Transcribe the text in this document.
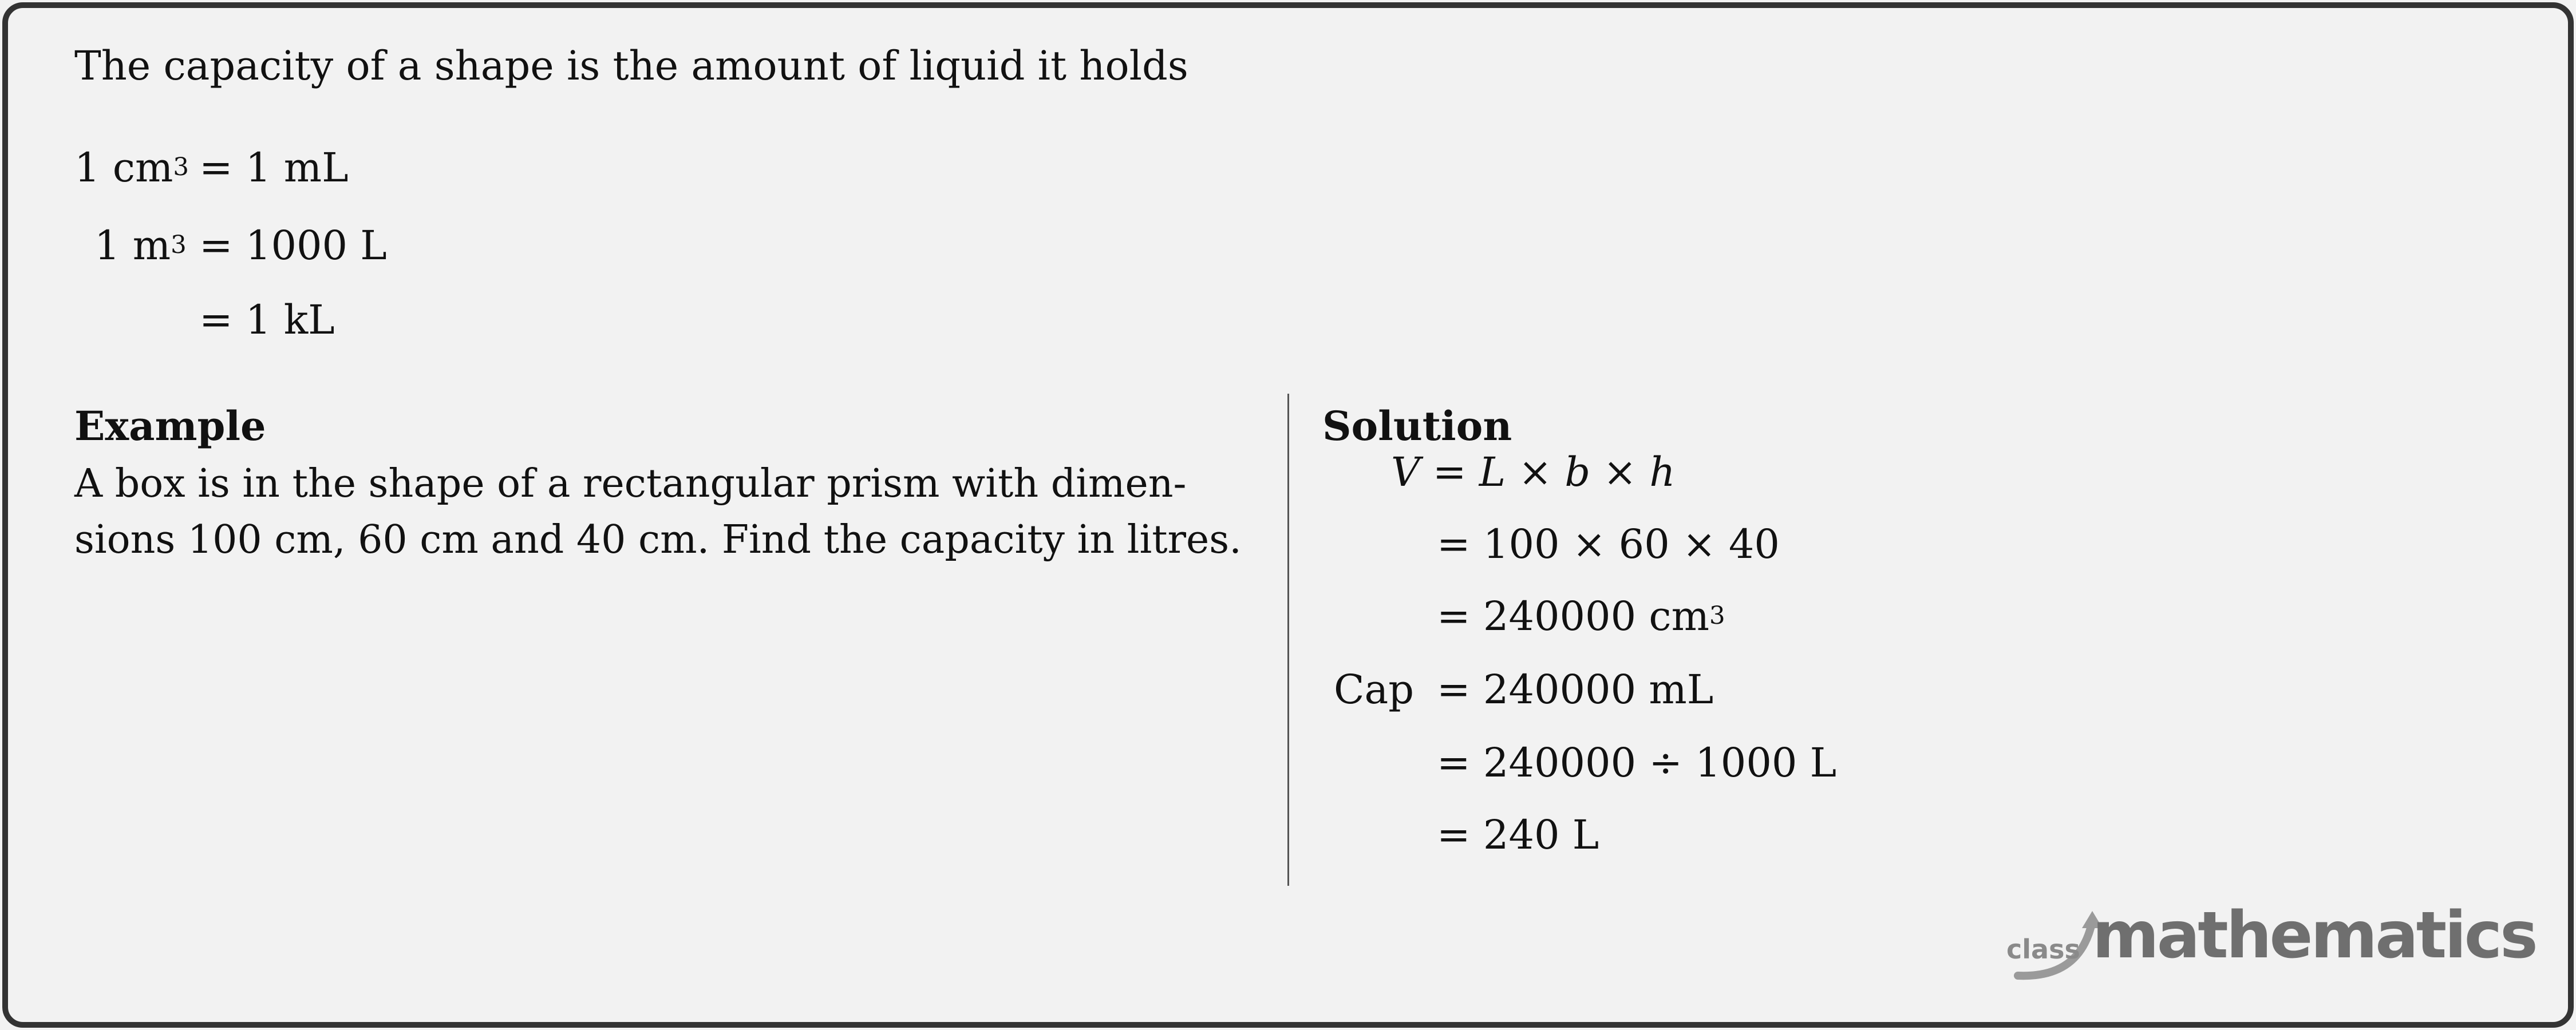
The capacity of a shape is the amount of liquid it holds
1 $cm^3 = 1$ mL
1 $m^3 = 1000$ L
= 1 kL
Example
A box is in the shape of a rectangular prism with dimen-
sions 100 cm, 60 cm and 40 cm. Find the capacity in litres.
Solution
V = L × b × h
= 100 × 60 × 40
= 240000 $cm^3$
Cap = 240000 mL
= 240000 ÷ 1000 L
= 240 L
class mathematics
